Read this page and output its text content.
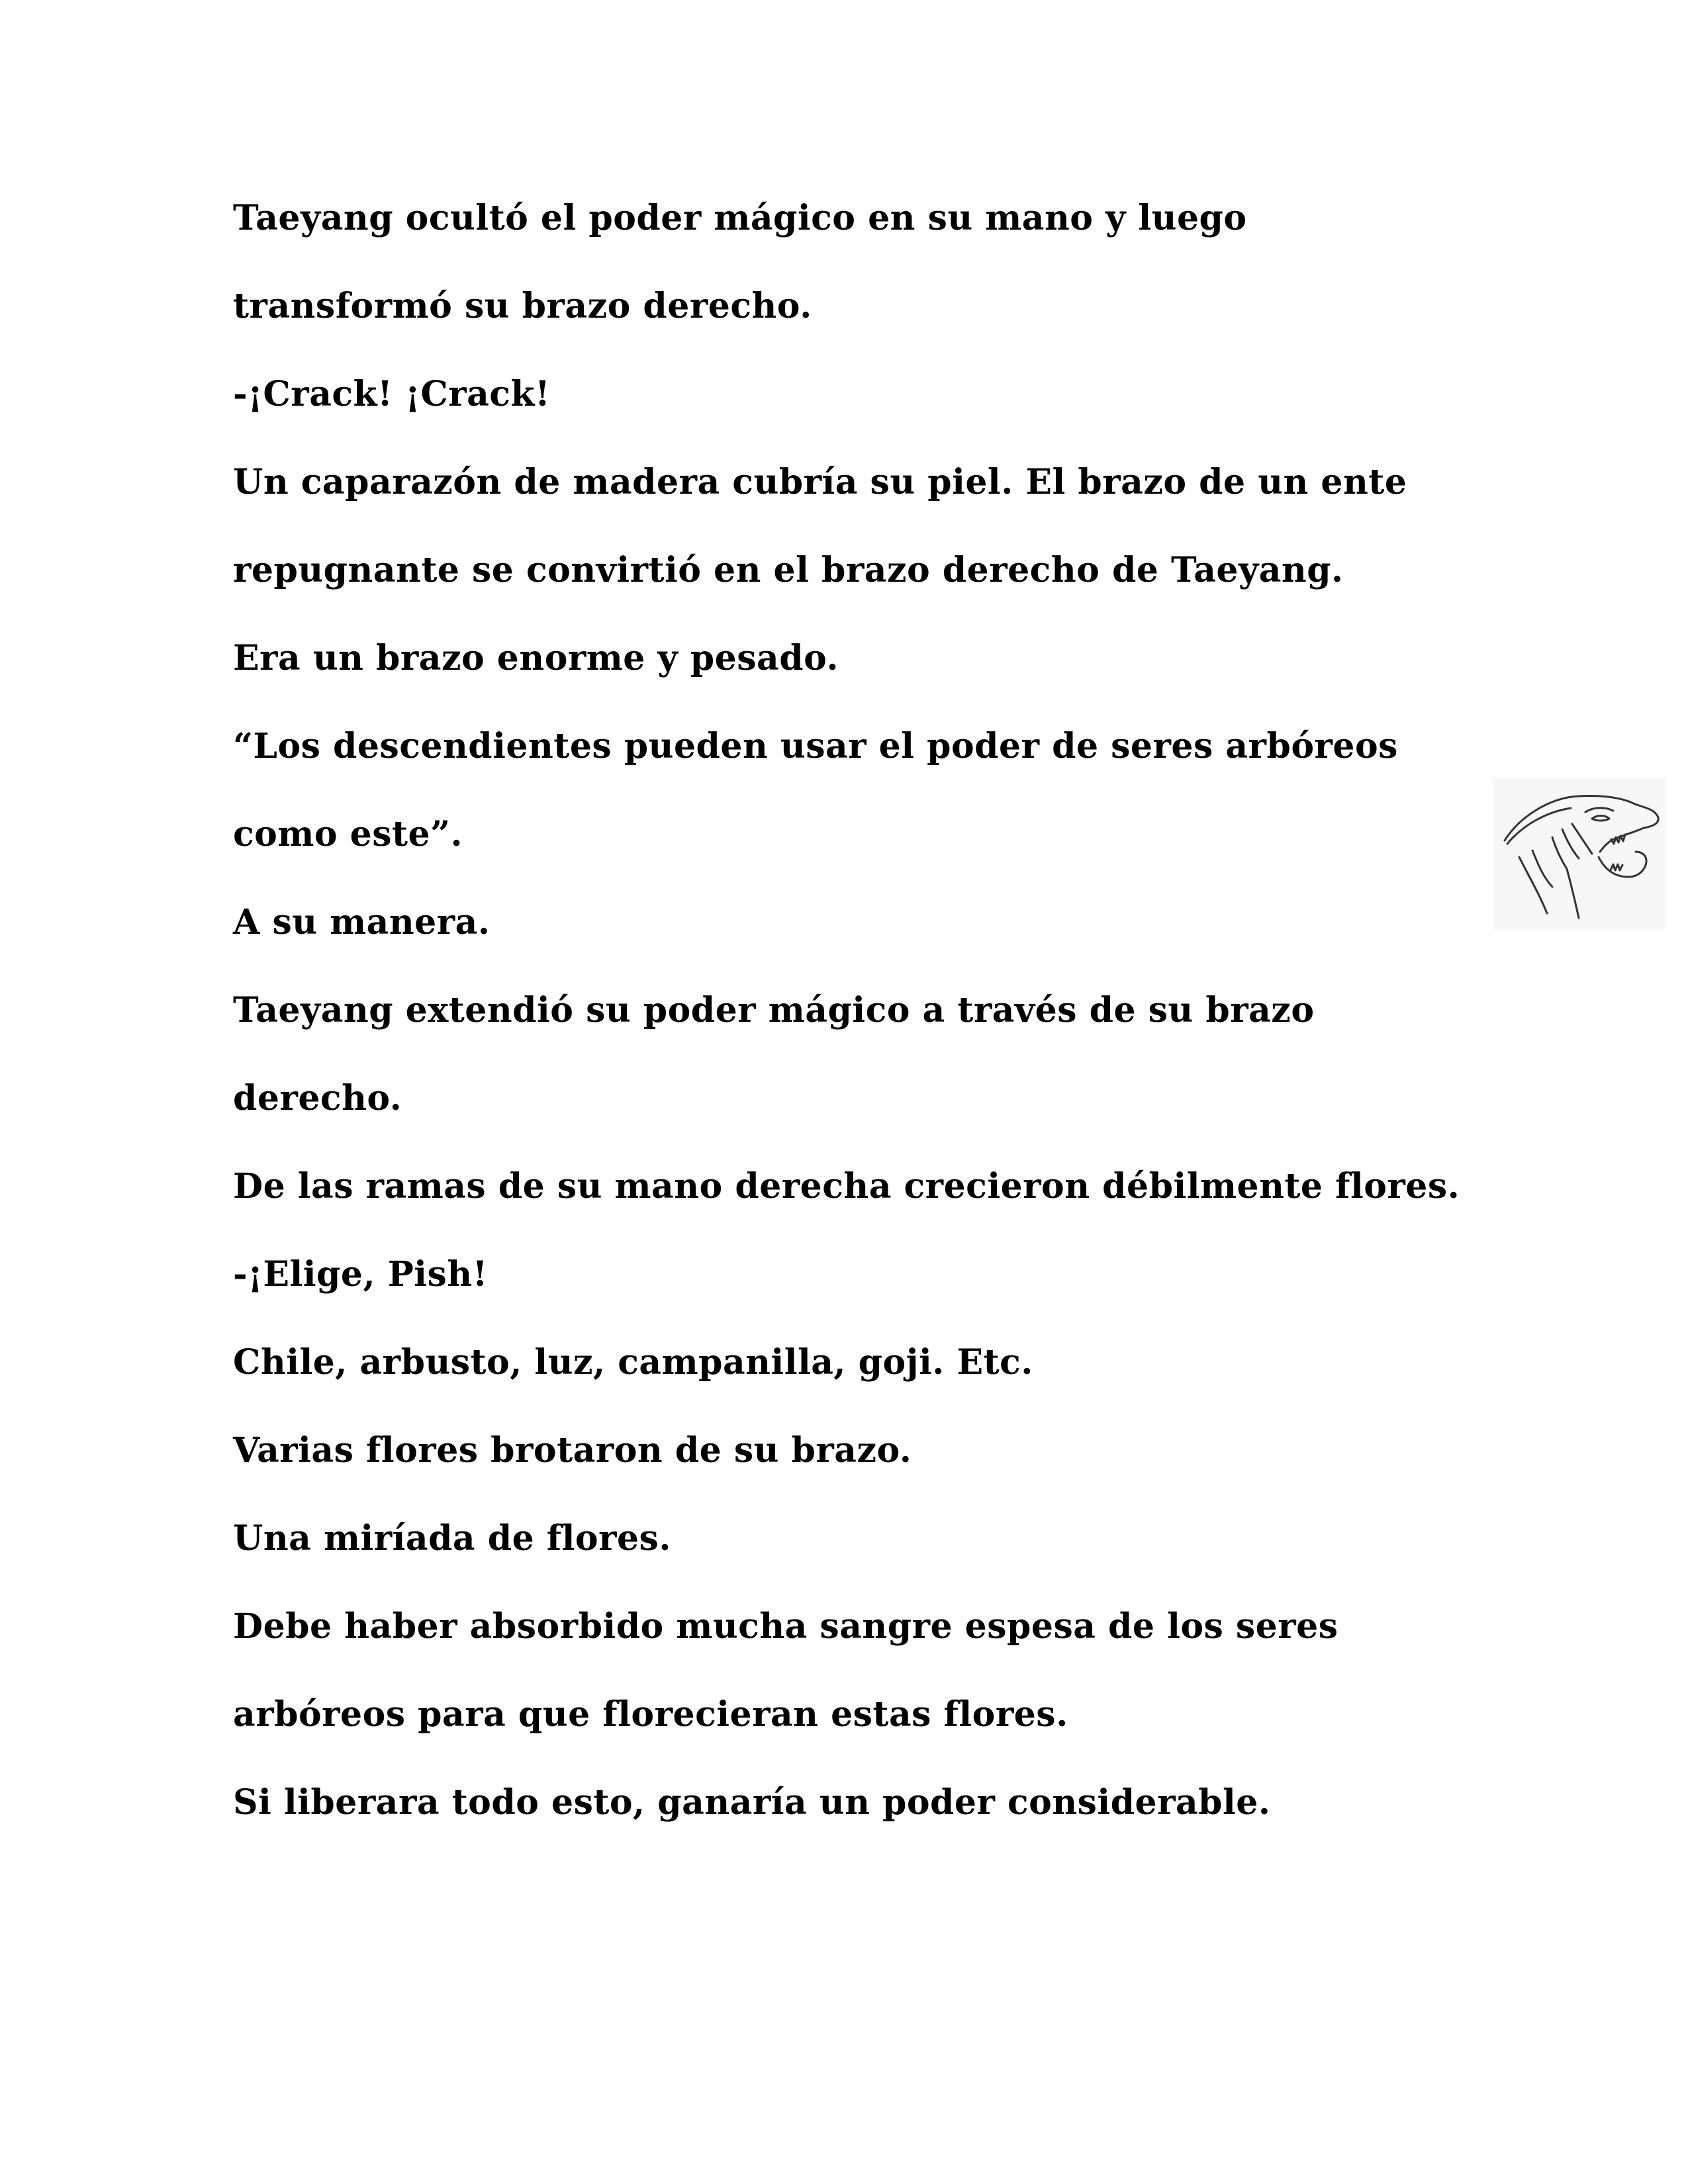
Taeyang ocultó el poder mágico en su mano y luego
transformó su brazo derecho.
-¡Crack! ¡Crack!
Un caparazón de madera cubría su piel. El brazo de un ente
repugnante se convirtió en el brazo derecho de Taeyang.
Era un brazo enorme y pesado.
“Los descendientes pueden usar el poder de seres arbóreos
como este”.
A su manera.
Taeyang extendió su poder mágico a través de su brazo
derecho.
De las ramas de su mano derecha crecieron débilmente flores.
-¡Elige, Pish!
Chile, arbusto, luz, campanilla, goji. Etc.
Varias flores brotaron de su brazo.
Una miríada de flores.
Debe haber absorbido mucha sangre espesa de los seres
arbóreos para que florecieran estas flores.
Si liberara todo esto, ganaría un poder considerable.
